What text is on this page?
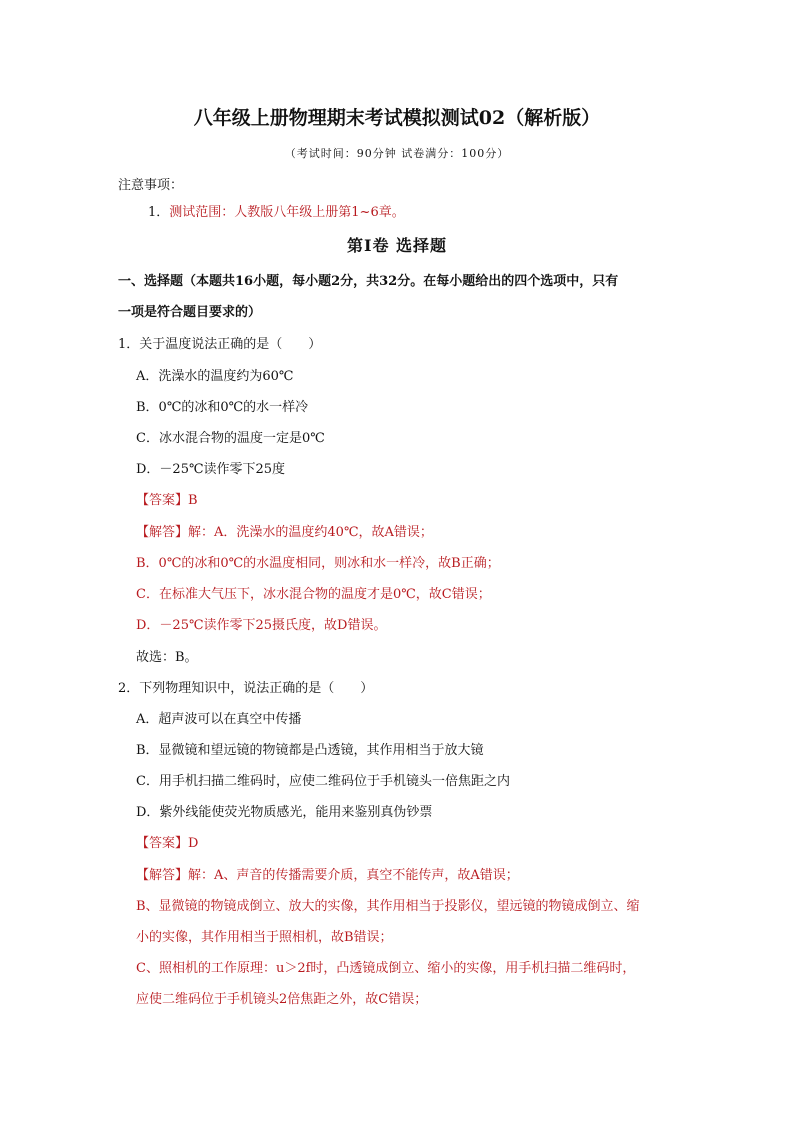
八年级上册物理期末考试模拟测试02（解析版）
（考试时间：90分钟 试卷满分：100分）
注意事项：
1．测试范围：人教版八年级上册第1~6章。
第Ⅰ卷 选择题
一、选择题（本题共16小题，每小题2分，共32分。在每小题给出的四个选项中，只有
一项是符合题目要求的）
1．关于温度说法正确的是（　　）
A．洗澡水的温度约为60℃
B．0℃的冰和0℃的水一样冷
C．冰水混合物的温度一定是0℃
D．－25℃读作零下25度
【答案】B
【解答】解：A．洗澡水的温度约40℃，故A错误；
B．0℃的冰和0℃的水温度相同，则冰和水一样冷，故B正确；
C．在标准大气压下，冰水混合物的温度才是0℃，故C错误；
D．－25℃读作零下25摄氏度，故D错误。
故选：B。
2．下列物理知识中，说法正确的是（　　）
A．超声波可以在真空中传播
B．显微镜和望远镜的物镜都是凸透镜，其作用相当于放大镜
C．用手机扫描二维码时，应使二维码位于手机镜头一倍焦距之内
D．紫外线能使荧光物质感光，能用来鉴别真伪钞票
【答案】D
【解答】解：A、声音的传播需要介质，真空不能传声，故A错误；
B、显微镜的物镜成倒立、放大的实像，其作用相当于投影仪，望远镜的物镜成倒立、缩
小的实像，其作用相当于照相机，故B错误；
C、照相机的工作原理：u＞2f时，凸透镜成倒立、缩小的实像，用手机扫描二维码时，
应使二维码位于手机镜头2倍焦距之外，故C错误；
